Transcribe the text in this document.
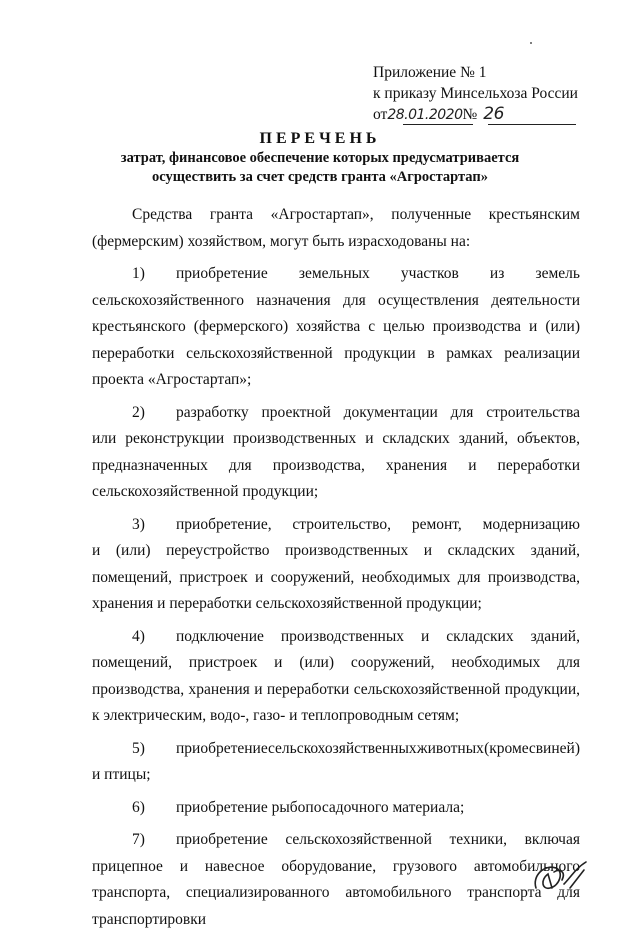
Приложение № 1
к приказу Минсельхоза России
от28.01.2020№ 26
ПЕРЕЧЕНЬ
затрат, финансовое обеспечение которых предусматривается
осуществить за счет средств гранта «Агростартап»
Средства гранта «Агростартап», полученные крестьянским
(фермерским) хозяйством, могут быть израсходованы на:
1)	приобретение земельных участков из земель
сельскохозяйственного назначения для осуществления деятельности крестьянского (фермерского) хозяйства с целью производства и (или) переработки сельскохозяйственной продукции в рамках реализации проекта «Агростартап»;
2)	разработку проектной документации для строительства
или реконструкции производственных и складских зданий, объектов, предназначенных для производства, хранения и переработки сельскохозяйственной продукции;
3)	приобретение, строительство, ремонт, модернизацию
и (или) переустройство производственных и складских зданий, помещений, пристроек и сооружений, необходимых для производства, хранения и переработки сельскохозяйственной продукции;
4)	подключение производственных и складских зданий,
помещений, пристроек и (или) сооружений, необходимых для производства, хранения и переработки сельскохозяйственной продукции, к электрическим, водо-, газо- и теплопроводным сетям;
5)	приобретение сельскохозяйственных животных (кроме свиней)
и птицы;
6)	приобретение рыбопосадочного материала;
7)	приобретение сельскохозяйственной техники, включая
прицепное и навесное оборудование, грузового автомобильного транспорта, специализированного автомобильного транспорта для транспортировки
